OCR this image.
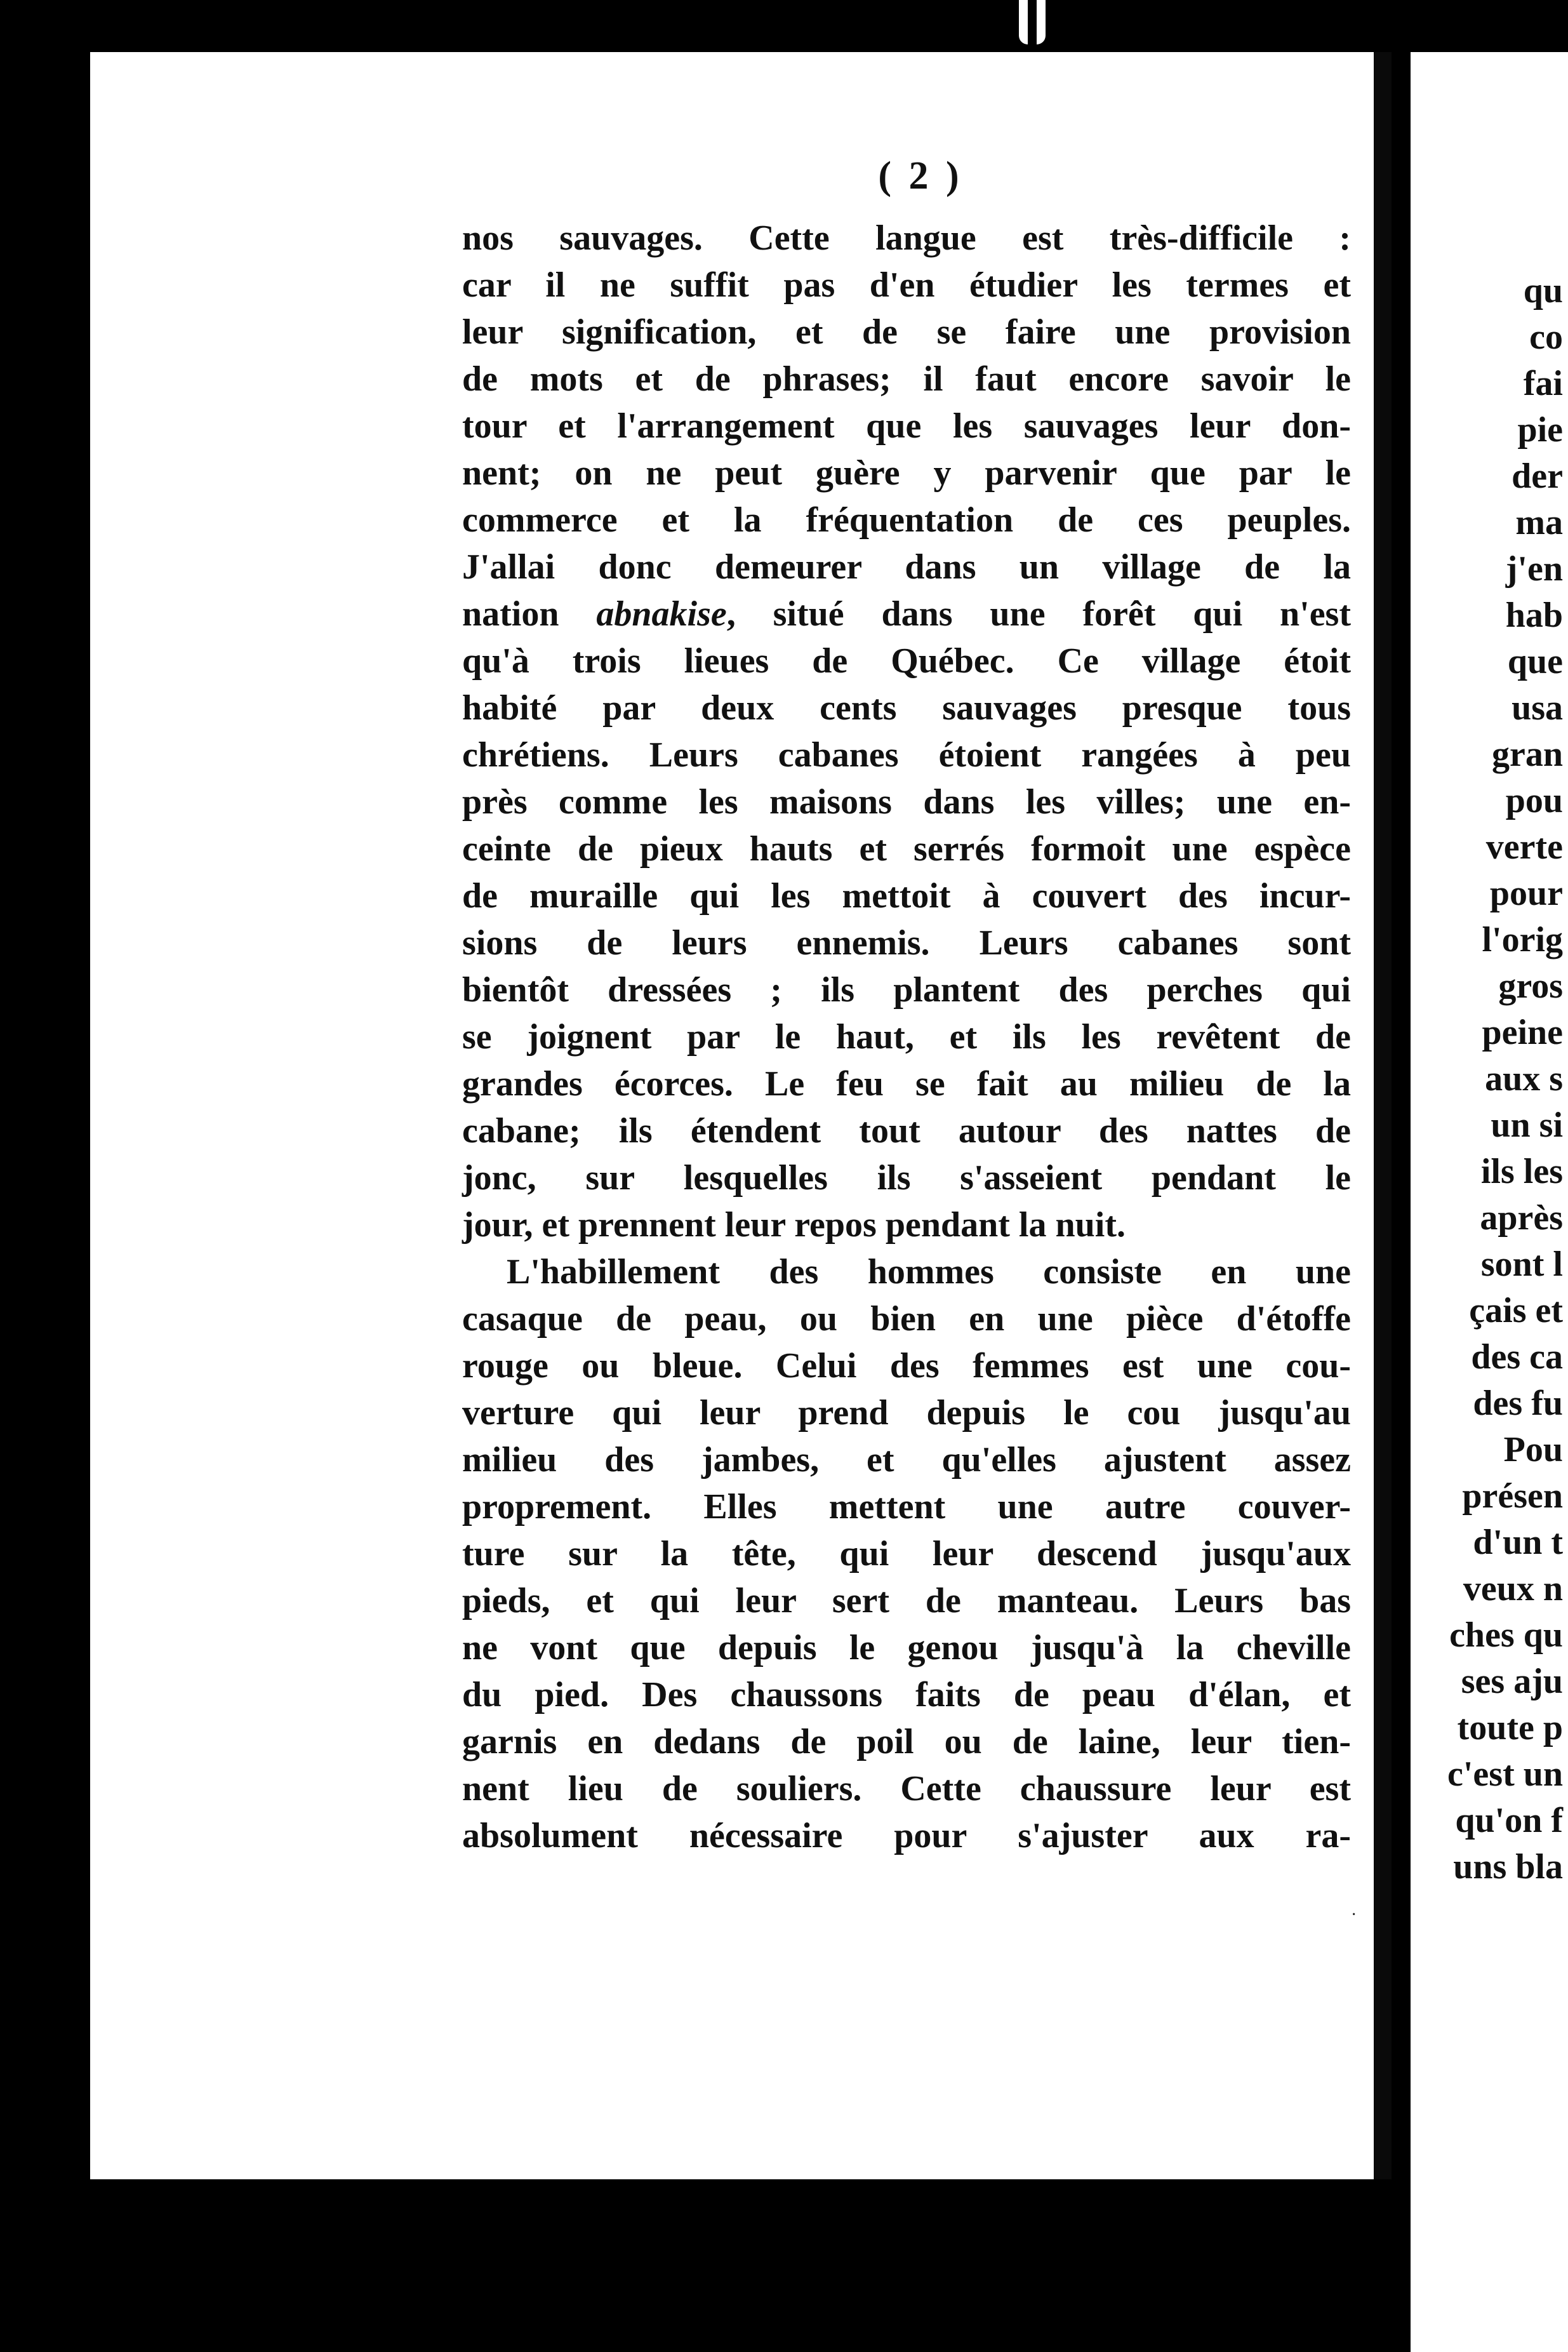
( 2 )
nos sauvages. Cette langue est très-difficile :
car il ne suffit pas d'en étudier les termes et
leur signification, et de se faire une provision
de mots et de phrases; il faut encore savoir le
tour et l'arrangement que les sauvages leur don-
nent; on ne peut guère y parvenir que par le
commerce et la fréquentation de ces peuples.
J'allai donc demeurer dans un village de la
nation abnakise, situé dans une forêt qui n'est
qu'à trois lieues de Québec. Ce village étoit
habité par deux cents sauvages presque tous
chrétiens. Leurs cabanes étoient rangées à peu
près comme les maisons dans les villes; une en-
ceinte de pieux hauts et serrés formoit une espèce
de muraille qui les mettoit à couvert des incur-
sions de leurs ennemis. Leurs cabanes sont
bientôt dressées ; ils plantent des perches qui
se joignent par le haut, et ils les revêtent de
grandes écorces. Le feu se fait au milieu de la
cabane; ils étendent tout autour des nattes de
jonc, sur lesquelles ils s'asseient pendant le
jour, et prennent leur repos pendant la nuit.
L'habillement des hommes consiste en une
casaque de peau, ou bien en une pièce d'étoffe
rouge ou bleue. Celui des femmes est une cou-
verture qui leur prend depuis le cou jusqu'au
milieu des jambes, et qu'elles ajustent assez
proprement. Elles mettent une autre couver-
ture sur la tête, qui leur descend jusqu'aux
pieds, et qui leur sert de manteau. Leurs bas
ne vont que depuis le genou jusqu'à la cheville
du pied. Des chaussons faits de peau d'élan, et
garnis en dedans de poil ou de laine, leur tien-
nent lieu de souliers. Cette chaussure leur est
absolument nécessaire pour s'ajuster aux ra-
qu
co
fai
pie
der
ma
j'en
hab
que
usa
gran
pou
verte
pour
l'orig
gros
peine
aux s
un si
ils les
après
sont l
çais et
des ca
des fu
Pou
présen
d'un t
veux n
ches qu
ses aju
toute p
c'est un
qu'on f
uns bla
·
